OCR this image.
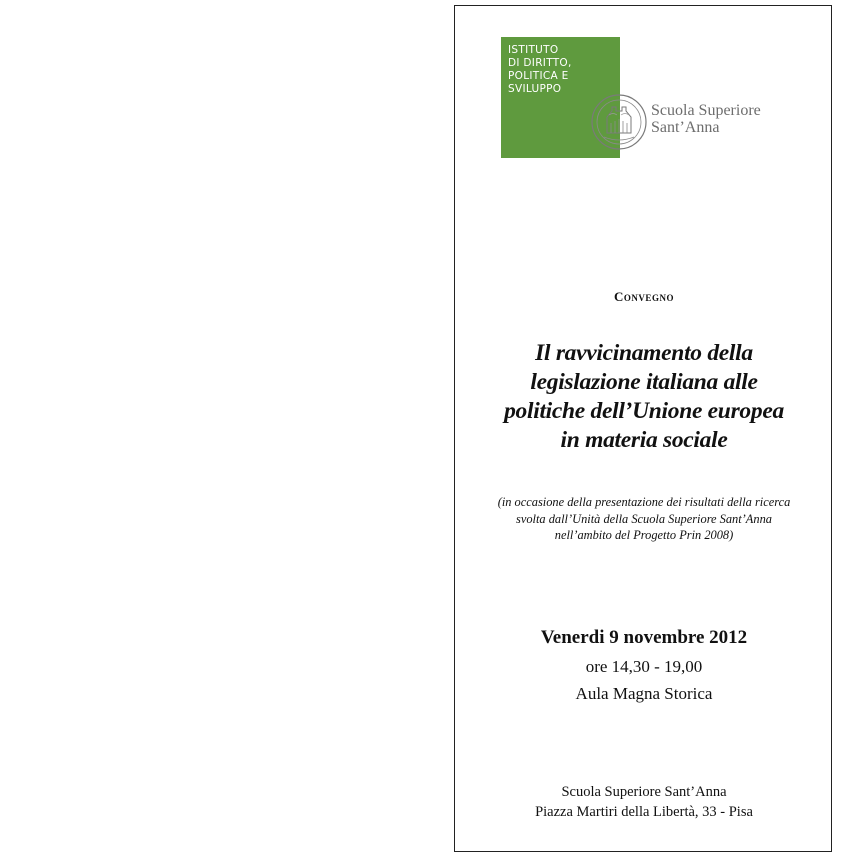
ISTITUTO
DI DIRITTO,
POLITICA E
SVILUPPO
Scuola Superiore
Sant’Anna
Convegno
Il ravvicinamento della
legislazione italiana alle
politiche dell’Unione europea
in materia sociale
(in occasione della presentazione dei risultati della ricerca
svolta dall’Unità della Scuola Superiore Sant’Anna
nell’ambito del Progetto Prin 2008)
Venerdi 9 novembre 2012
ore 14,30 - 19,00
Aula Magna Storica
Scuola Superiore Sant’Anna
Piazza Martiri della Libertà, 33 - Pisa
